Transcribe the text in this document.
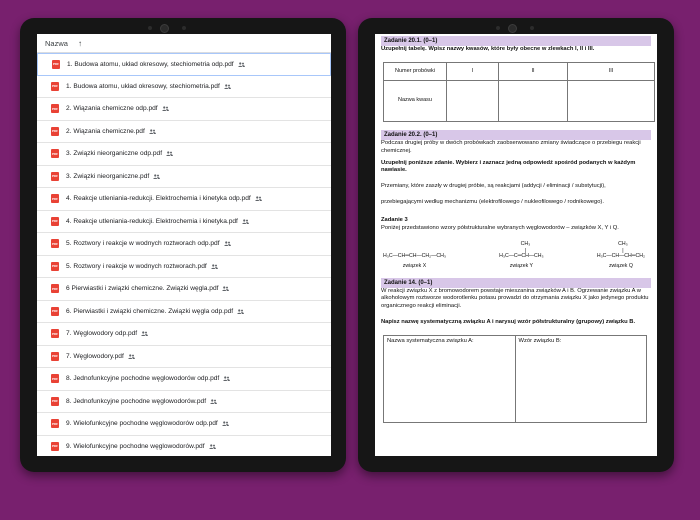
Nazwa ↑
PDF 1. Budowa atomu, układ okresowy, stechiometria odp.pdf
PDF 1. Budowa atomu, układ okresowy, stechiometria.pdf
PDF 2. Wiązania chemiczne odp.pdf
PDF 2. Wiązania chemiczne.pdf
PDF 3. Związki nieorganiczne odp.pdf
PDF 3. Związki nieorganiczne.pdf
PDF 4. Reakcje utleniania-redukcji. Elektrochemia i kinetyka odp.pdf
PDF 4. Reakcje utleniania-redukcji. Elektrochemia i kinetyka.pdf
PDF 5. Roztwory i reakcje w wodnych roztworach odp.pdf
PDF 5. Roztwory i reakcje w wodnych roztworach.pdf
PDF 6 Pierwiastki i związki chemiczne. Związki węgla.pdf
PDF 6. Pierwiastki i związki chemiczne. Związki węgla odp.pdf
PDF 7. Węglowodory odp.pdf
PDF 7. Węglowodory.pdf
PDF 8. Jednofunkcyjne pochodne węglowodorów odp.pdf
PDF 8. Jednofunkcyjne pochodne węglowodorów.pdf
PDF 9. Wielofunkcyjne pochodne węglowodorów odp.pdf
PDF 9. Wielofunkcyjne pochodne węglowodorów.pdf
Zadanie 20.1. (0–1)
Uzupełnij tabelę. Wpisz nazwy kwasów, które były obecne w zlewkach I, II i III.
Numer probówki	I	II	III
Nazwa kwasu			
Zadanie 20.2. (0–1)
Podczas drugiej próby w dwóch probówkach zaobserwowano zmiany świadczące o przebiegu reakcji chemicznej.
Uzupełnij poniższe zdanie. Wybierz i zaznacz jedną odpowiedź spośród podanych w każdym nawiasie.
Przemiany, które zaszły w drugiej próbie, są reakcjami (addycji / eliminacji / substytucji),
przebiegającymi według mechanizmu (elektrofilowego / nukleofilowego / rodnikowego).
Zadanie 3
Poniżej przedstawiono wzory półstrukturalne wybranych węglowodorów – związków X, Y i Q.
H₃C—CH═CH—CH₂—CH₃
związek X
CH₃
|
H₃C—C═CH—CH₃
związek Y
CH₃
|
H₃C—CH—CH═CH₂
związek Q
Zadanie 14. (0–1)
W reakcji związku X z bromowodorem powstaje mieszanina związków A i B. Ogrzewanie związku A w alkoholowym roztworze wodorotlenku potasu prowadzi do otrzymania związku X jako jedynego produktu organicznego reakcji eliminacji.
Napisz nazwę systematyczną związku A i narysuj wzór półstrukturalny (grupowy) związku B.
Nazwa systematyczna związku A:	Wzór związku B:
